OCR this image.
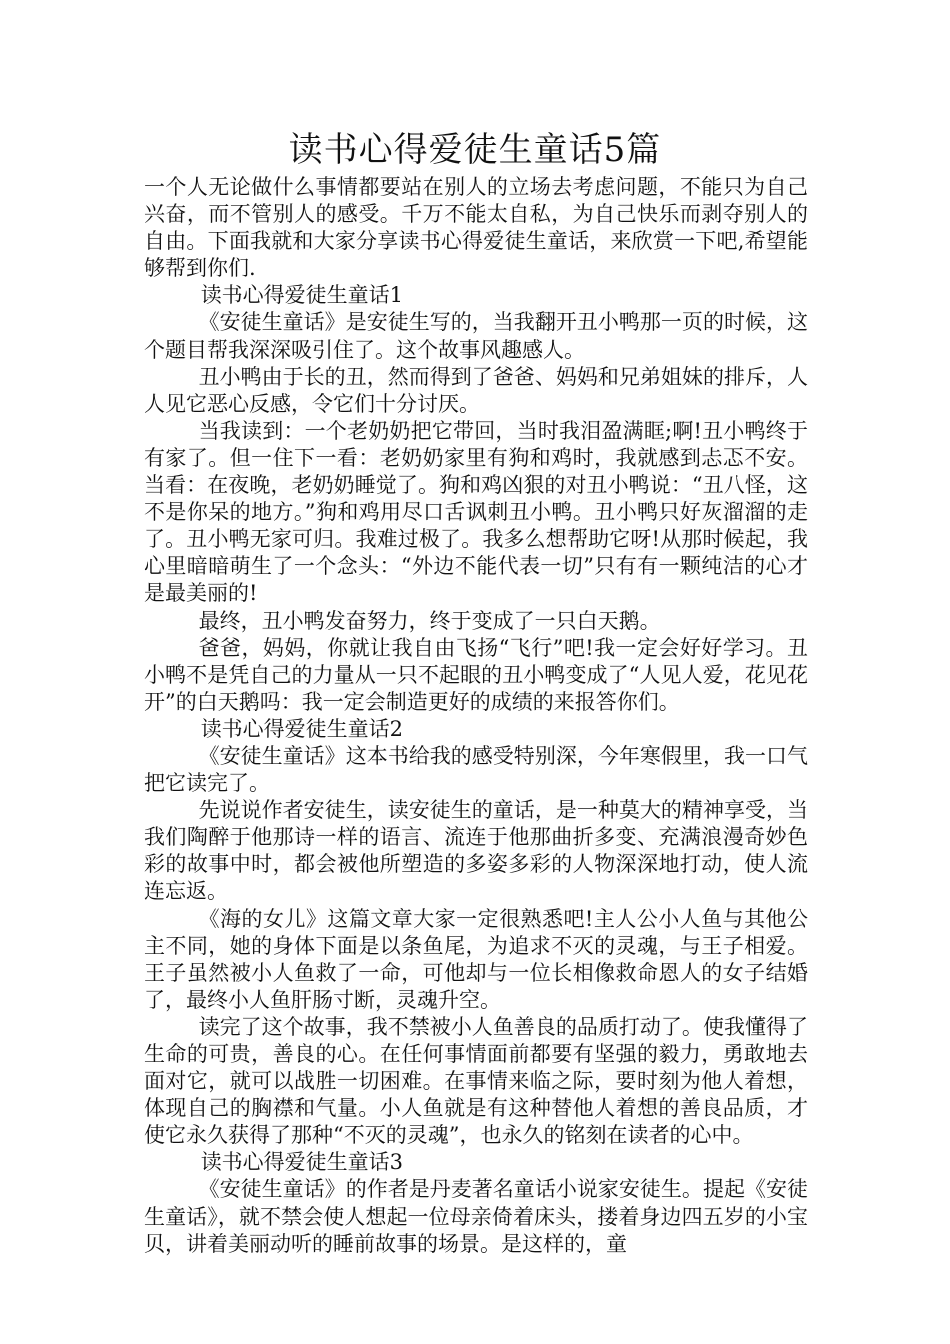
读书心得爱徒生童话5篇

一个人无论做什么事情都要站在别人的立场去考虑问题，不能只为自己兴奋，而不管别人的感受。千万不能太自私，为自己快乐而剥夺别人的自由。下面我就和大家分享读书心得爱徒生童话，来欣赏一下吧,希望能够帮到你们.

读书心得爱徒生童话1

《安徒生童话》是安徒生写的，当我翻开丑小鸭那一页的时候，这个题目帮我深深吸引住了。这个故事风趣感人。

丑小鸭由于长的丑，然而得到了爸爸、妈妈和兄弟姐妹的排斥，人人见它恶心反感，令它们十分讨厌。

当我读到：一个老奶奶把它带回，当时我泪盈满眶;啊!丑小鸭终于有家了。但一住下一看：老奶奶家里有狗和鸡时，我就感到忐忑不安。当看：在夜晚，老奶奶睡觉了。狗和鸡凶狠的对丑小鸭说：“丑八怪，这不是你呆的地方。”狗和鸡用尽口舌讽刺丑小鸭。丑小鸭只好灰溜溜的走了。丑小鸭无家可归。我难过极了。我多么想帮助它呀!从那时候起，我心里暗暗萌生了一个念头：“外边不能代表一切”只有有一颗纯洁的心才是最美丽的!

最终，丑小鸭发奋努力，终于变成了一只白天鹅。

爸爸，妈妈，你就让我自由飞扬“飞行”吧!我一定会好好学习。丑小鸭不是凭自己的力量从一只不起眼的丑小鸭变成了“人见人爱，花见花开”的白天鹅吗：我一定会制造更好的成绩的来报答你们。

读书心得爱徒生童话2

《安徒生童话》这本书给我的感受特别深，今年寒假里，我一口气把它读完了。

先说说作者安徒生，读安徒生的童话，是一种莫大的精神享受，当我们陶醉于他那诗一样的语言、流连于他那曲折多变、充满浪漫奇妙色彩的故事中时，都会被他所塑造的多姿多彩的人物深深地打动，使人流连忘返。

《海的女儿》这篇文章大家一定很熟悉吧!主人公小人鱼与其他公主不同，她的身体下面是以条鱼尾，为追求不灭的灵魂，与王子相爱。王子虽然被小人鱼救了一命，可他却与一位长相像救命恩人的女子结婚了，最终小人鱼肝肠寸断，灵魂升空。

读完了这个故事，我不禁被小人鱼善良的品质打动了。使我懂得了生命的可贵，善良的心。在任何事情面前都要有坚强的毅力，勇敢地去面对它，就可以战胜一切困难。在事情来临之际，要时刻为他人着想，体现自己的胸襟和气量。小人鱼就是有这种替他人着想的善良品质，才使它永久获得了那种“不灭的灵魂”，也永久的铭刻在读者的心中。

读书心得爱徒生童话3

《安徒生童话》的作者是丹麦著名童话小说家安徒生。提起《安徒生童话》，就不禁会使人想起一位母亲倚着床头，搂着身边四五岁的小宝贝，讲着美丽动听的睡前故事的场景。是这样的，童
